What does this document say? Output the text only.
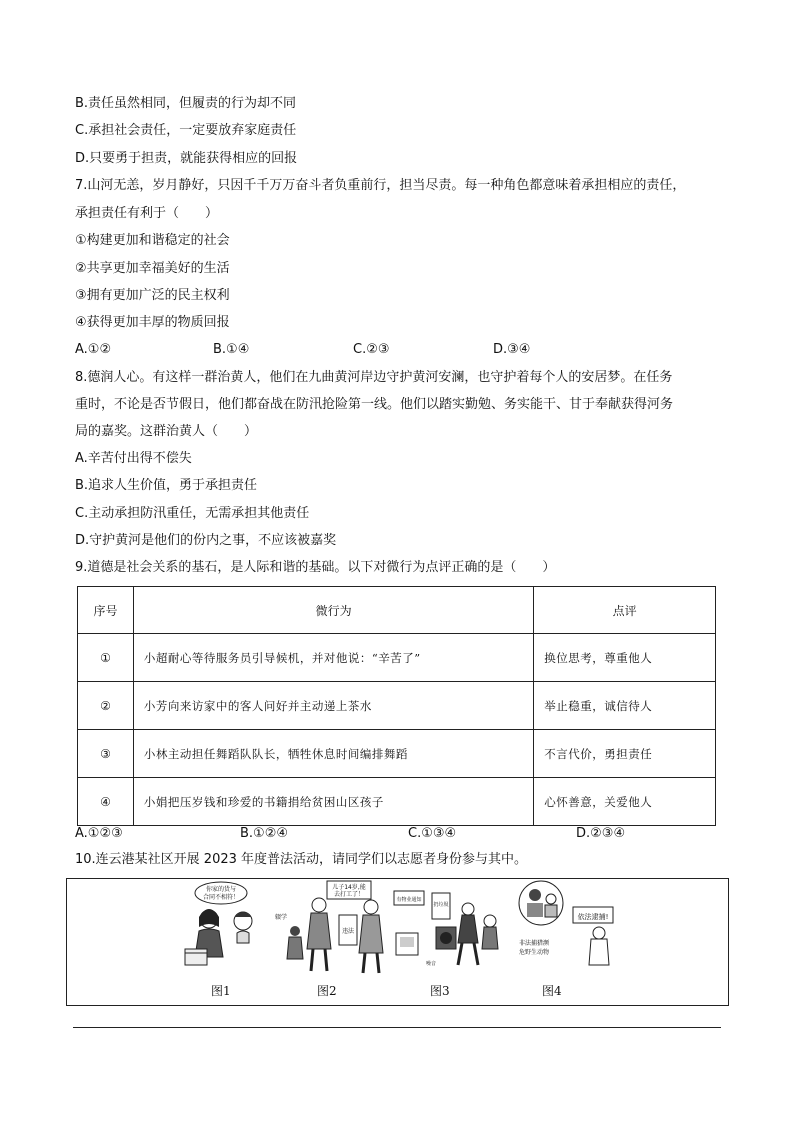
B.责任虽然相同，但履责的行为却不同
C.承担社会责任，一定要放弃家庭责任
D.只要勇于担责，就能获得相应的回报
7.山河无恙，岁月静好，只因千千万万奋斗者负重前行，担当尽责。每一种角色都意味着承担相应的责任，
承担责任有利于（　　）
①构建更加和谐稳定的社会
②共享更加幸福美好的生活
③拥有更加广泛的民主权利
④获得更加丰厚的物质回报
A.①②	B.①④	C.②③	D.③④
8.德润人心。有这样一群治黄人，他们在九曲黄河岸边守护黄河安澜，也守护着每个人的安居梦。在任务
重时，不论是否节假日，他们都奋战在防汛抢险第一线。他们以踏实勤勉、务实能干、甘于奉献获得河务
局的嘉奖。这群治黄人（　　）
A.辛苦付出得不偿失
B.追求人生价值，勇于承担责任
C.主动承担防汛重任，无需承担其他责任
D.守护黄河是他们的份内之事，不应该被嘉奖
9.道德是社会关系的基石，是人际和谐的基础。以下对微行为点评正确的是（　　）
序号	微行为	点评
①	小超耐心等待服务员引导候机，并对他说：“辛苦了”	换位思考，尊重他人
②	小芳向来访家中的客人问好并主动递上茶水	举止稳重，诚信待人
③	小林主动担任舞蹈队队长，牺牲休息时间编排舞蹈	不言代价，勇担责任
④	小娟把压岁钱和珍爱的书籍捐给贫困山区孩子	心怀善意，关爱他人
A.①②③	B.①②④	C.①③④	D.②③④
10.连云港某社区开展 2023 年度普法活动，请同学们以志愿者身份参与其中。
你家的货与
合同不相符！
儿子14岁,能
去打工了！
辍学
违法
有物业通知
扔垃圾
噪音
依法逮捕!
非法捕猎濒
危野生动物
图1	图2	图3	图4
